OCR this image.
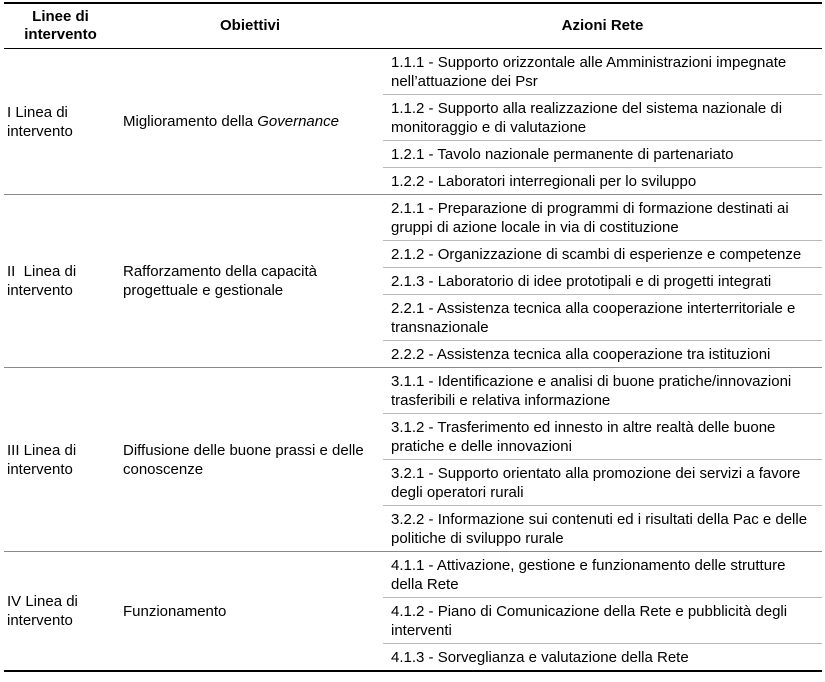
Linee di intervento	Obiettivi	Azioni Rete
I Linea di intervento	Miglioramento della Governance	1.1.1 - Supporto orizzontale alle Amministrazioni impegnate nell’attuazione dei Psr
		1.1.2 - Supporto alla realizzazione del sistema nazionale di monitoraggio e di valutazione
		1.2.1 - Tavolo nazionale permanente di partenariato
		1.2.2 - Laboratori interregionali per lo sviluppo
II  Linea di intervento	Rafforzamento della capacità progettuale e gestionale	2.1.1 - Preparazione di programmi di formazione destinati ai gruppi di azione locale in via di costituzione
		2.1.2 - Organizzazione di scambi di esperienze e competenze
		2.1.3 - Laboratorio di idee prototipali e di progetti integrati
		2.2.1 - Assistenza tecnica alla cooperazione interterritoriale e transnazionale
		2.2.2 - Assistenza tecnica alla cooperazione tra istituzioni
III Linea di intervento	Diffusione delle buone prassi e delle conoscenze	3.1.1 - Identificazione e analisi di buone pratiche/innovazioni trasferibili e relativa informazione
		3.1.2 - Trasferimento ed innesto in altre realtà delle buone pratiche e delle innovazioni
		3.2.1 - Supporto orientato alla promozione dei servizi a favore degli operatori rurali
		3.2.2 - Informazione sui contenuti ed i risultati della Pac e delle politiche di sviluppo rurale
IV Linea di intervento	Funzionamento	4.1.1 - Attivazione, gestione e funzionamento delle strutture della Rete
		4.1.2 - Piano di Comunicazione della Rete e pubblicità degli interventi
		4.1.3 - Sorveglianza e valutazione della Rete
